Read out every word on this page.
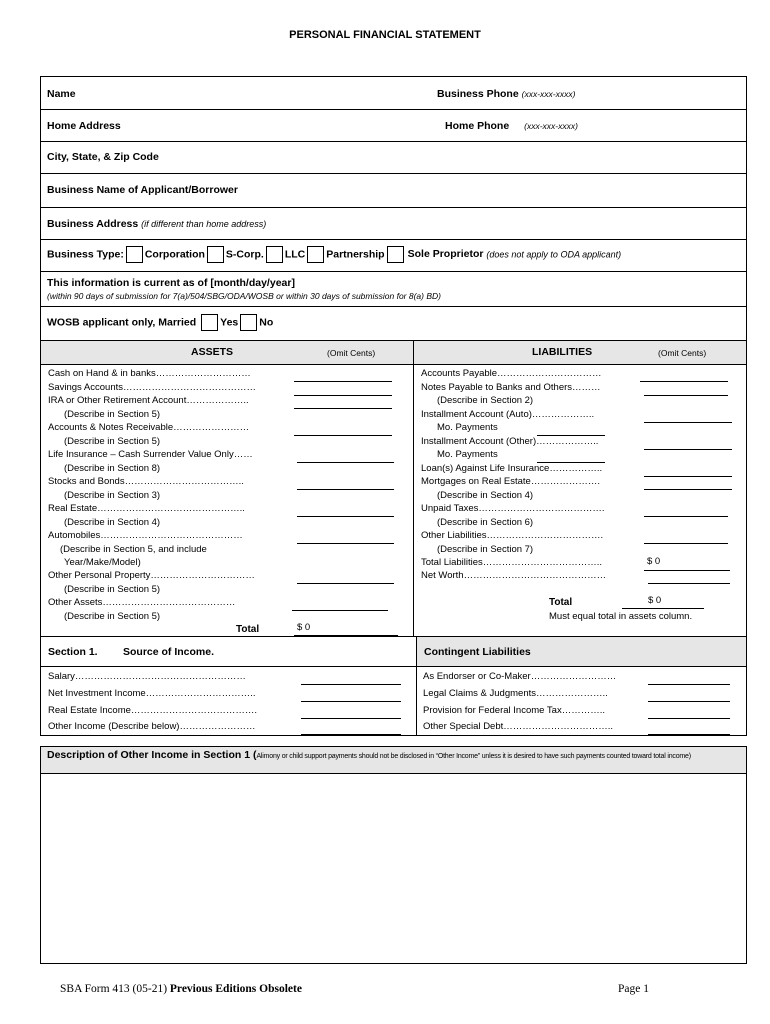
PERSONAL FINANCIAL STATEMENT
Name	Business Phone (xxx-xxx-xxxx)
Home Address	Home Phone (xxx-xxx-xxxx)
City, State, & Zip Code
Business Name of Applicant/Borrower
Business Address (if different than home address)
Business Type: Corporation S-Corp. LLC Partnership Sole Proprietor (does not apply to ODA applicant)
This information is current as of [month/day/year]
(within 90 days of submission for 7(a)/504/SBG/ODA/WOSB or within 30 days of submission for 8(a) BD)
WOSB applicant only, Married Yes No
ASSETS	(Omit Cents)	LIABILITIES	(Omit Cents)
Cash on Hand & in banks…………………………
Savings Accounts……………………………………
IRA or Other Retirement Account………………..
(Describe in Section 5)
Accounts & Notes Receivable……………………
(Describe in Section 5)
Life Insurance – Cash Surrender Value Only……
(Describe in Section 8)
Stocks and Bonds………………………………..
(Describe in Section 3)
Real Estate………………………………………..
(Describe in Section 4)
Automobiles………………………………………
(Describe in Section 5, and include
Year/Make/Model)
Other Personal Property……………………………
(Describe in Section 5)
Other Assets……………………………………
(Describe in Section 5)
Total	$ 0
Accounts Payable……………………………
Notes Payable to Banks and Others………
(Describe in Section 2)
Installment Account (Auto)………………..
Mo. Payments
Installment Account (Other)………………..
Mo. Payments
Loan(s) Against Life Insurance……………..
Mortgages on Real Estate………………….
(Describe in Section 4)
Unpaid Taxes………………………………….
(Describe in Section 6)
Other Liabilities……………………………….
(Describe in Section 7)
Total Liabilities………………………………..	$ 0
Net Worth………………………………………
Total	$ 0
Must equal total in assets column.
Section 1. Source of Income.	Contingent Liabilities
Salary………………………………………………
Net Investment Income……………………………..
Real Estate Income………………………………….
Other Income (Describe below)……………………
As Endorser or Co-Maker………………………
Legal Claims & Judgments…………………..
Provision for Federal Income Tax…………..
Other Special Debt……………………………..
Description of Other Income in Section 1 (Alimony or child support payments should not be disclosed in “Other Income” unless it is desired to have such payments counted toward total income)
SBA Form 413 (05-21) Previous Editions Obsolete	Page 1
